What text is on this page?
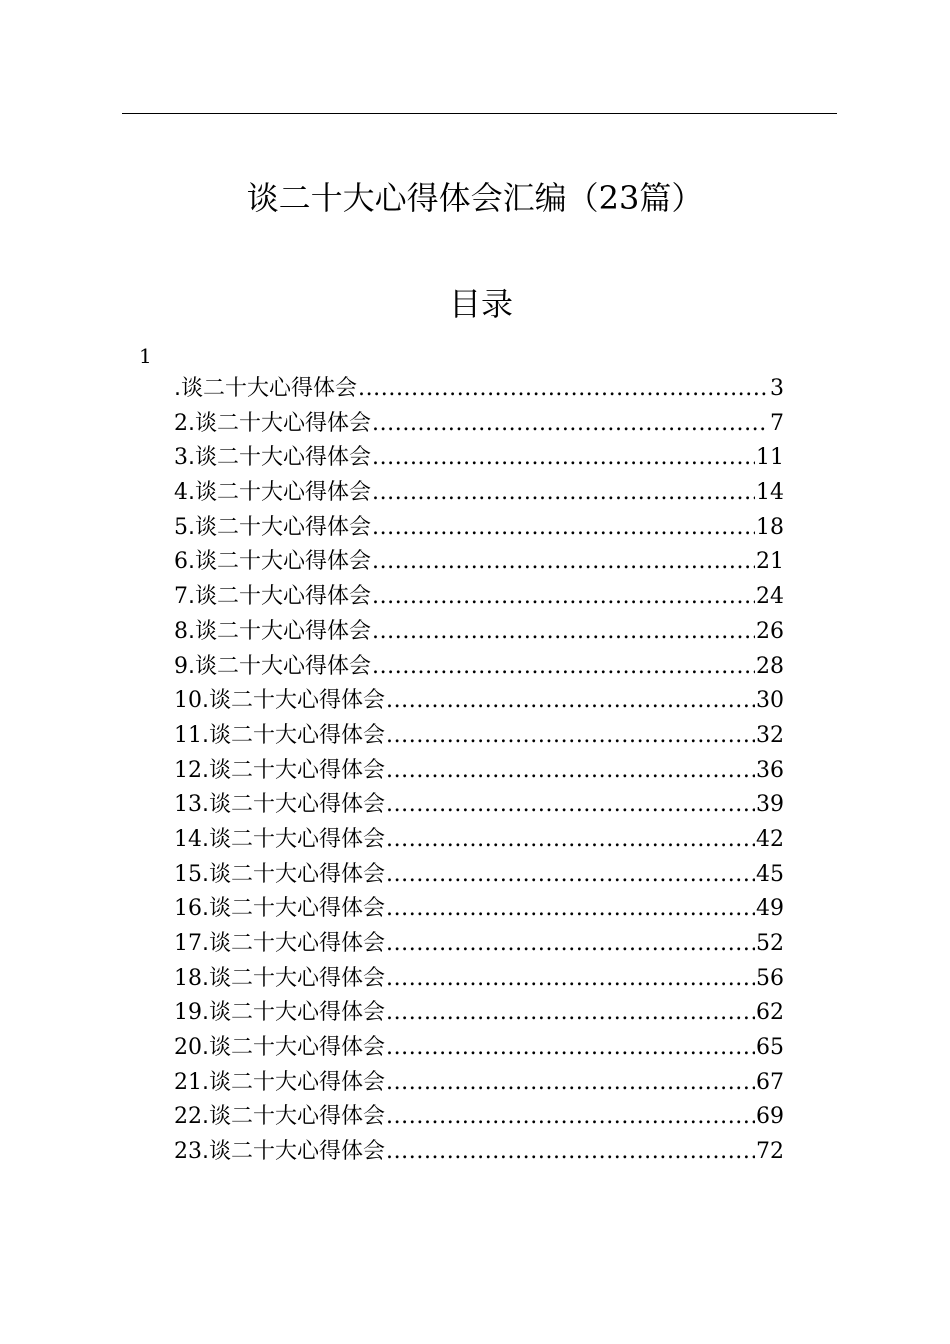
谈二十大心得体会汇编（23篇）
目录
1
.谈二十大心得体会 .....	3
2 .谈二十大心得体会 .....	7
3 .谈二十大心得体会 .....	11
4 .谈二十大心得体会 .....	14
5 .谈二十大心得体会 .....	18
6 .谈二十大心得体会 .....	21
7 .谈二十大心得体会 .....	24
8 .谈二十大心得体会 .....	26
9 .谈二十大心得体会 .....	28
10 .谈二十大心得体会 .....	30
11 .谈二十大心得体会 .....	32
12 .谈二十大心得体会 .....	36
13 .谈二十大心得体会 .....	39
14 .谈二十大心得体会 .....	42
15 .谈二十大心得体会 .....	45
16 .谈二十大心得体会 .....	49
17 .谈二十大心得体会 .....	52
18 .谈二十大心得体会 .....	56
19 .谈二十大心得体会 .....	62
20 .谈二十大心得体会 .....	65
21 .谈二十大心得体会 .....	67
22 .谈二十大心得体会 .....	69
23 .谈二十大心得体会 .....	72
